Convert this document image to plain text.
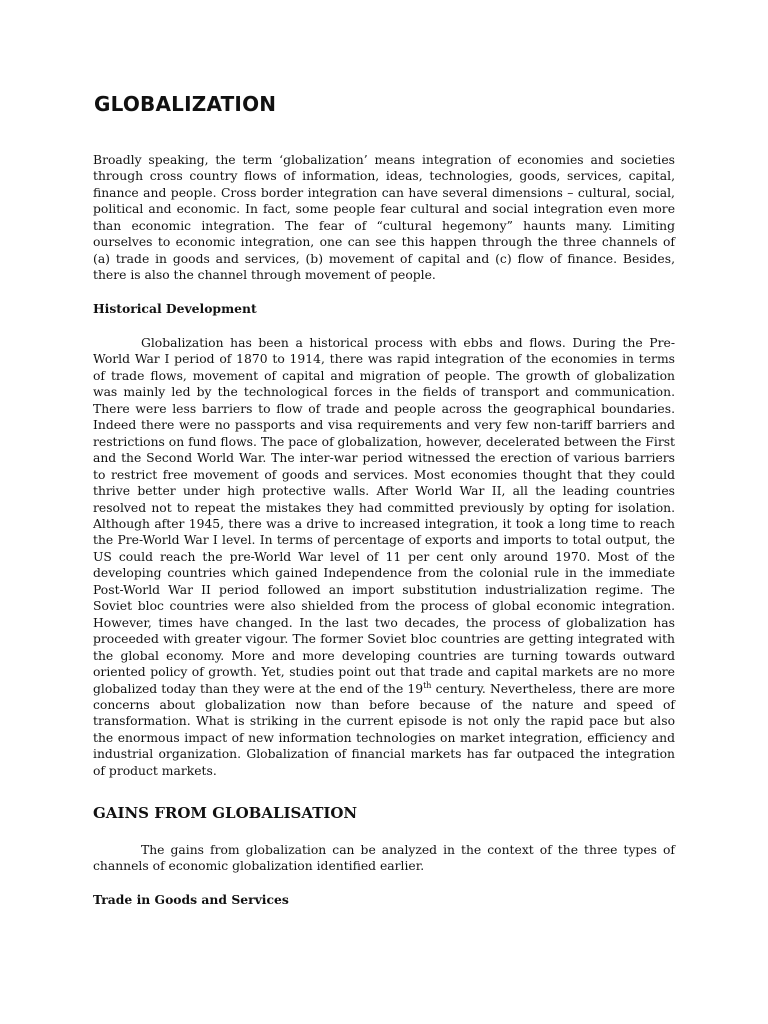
GLOBALIZATION

Broadly speaking, the term ‘globalization’ means integration of economies and societies through cross country flows of information, ideas, technologies, goods, services, capital, finance and people. Cross border integration can have several dimensions – cultural, social, political and economic. In fact, some people fear cultural and social integration even more than economic integration. The fear of “cultural hegemony” haunts many. Limiting ourselves to economic integration, one can see this happen through the three channels of (a) trade in goods and services, (b) movement of capital and (c) flow of finance. Besides, there is also the channel through movement of people.

Historical Development

Globalization has been a historical process with ebbs and flows. During the Pre-World War I period of 1870 to 1914, there was rapid integration of the economies in terms of trade flows, movement of capital and migration of people. The growth of globalization was mainly led by the technological forces in the fields of transport and communication. There were less barriers to flow of trade and people across the geographical boundaries. Indeed there were no passports and visa requirements and very few non-tariff barriers and restrictions on fund flows. The pace of globalization, however, decelerated between the First and the Second World War. The inter-war period witnessed the erection of various barriers to restrict free movement of goods and services. Most economies thought that they could thrive better under high protective walls. After World War II, all the leading countries resolved not to repeat the mistakes they had committed previously by opting for isolation. Although after 1945, there was a drive to increased integration, it took a long time to reach the Pre-World War I level. In terms of percentage of exports and imports to total output, the US could reach the pre-World War level of 11 per cent only around 1970. Most of the developing countries which gained Independence from the colonial rule in the immediate Post-World War II period followed an import substitution industrialization regime. The Soviet bloc countries were also shielded from the process of global economic integration. However, times have changed. In the last two decades, the process of globalization has proceeded with greater vigour. The former Soviet bloc countries are getting integrated with the global economy. More and more developing countries are turning towards outward oriented policy of growth. Yet, studies point out that trade and capital markets are no more globalized today than they were at the end of the 19th century. Nevertheless, there are more concerns about globalization now than before because of the nature and speed of transformation. What is striking in the current episode is not only the rapid pace but also the enormous impact of new information technologies on market integration, efficiency and industrial organization. Globalization of financial markets has far outpaced the integration of product markets.

GAINS FROM GLOBALISATION

The gains from globalization can be analyzed in the context of the three types of channels of economic globalization identified earlier.

Trade in Goods and Services
